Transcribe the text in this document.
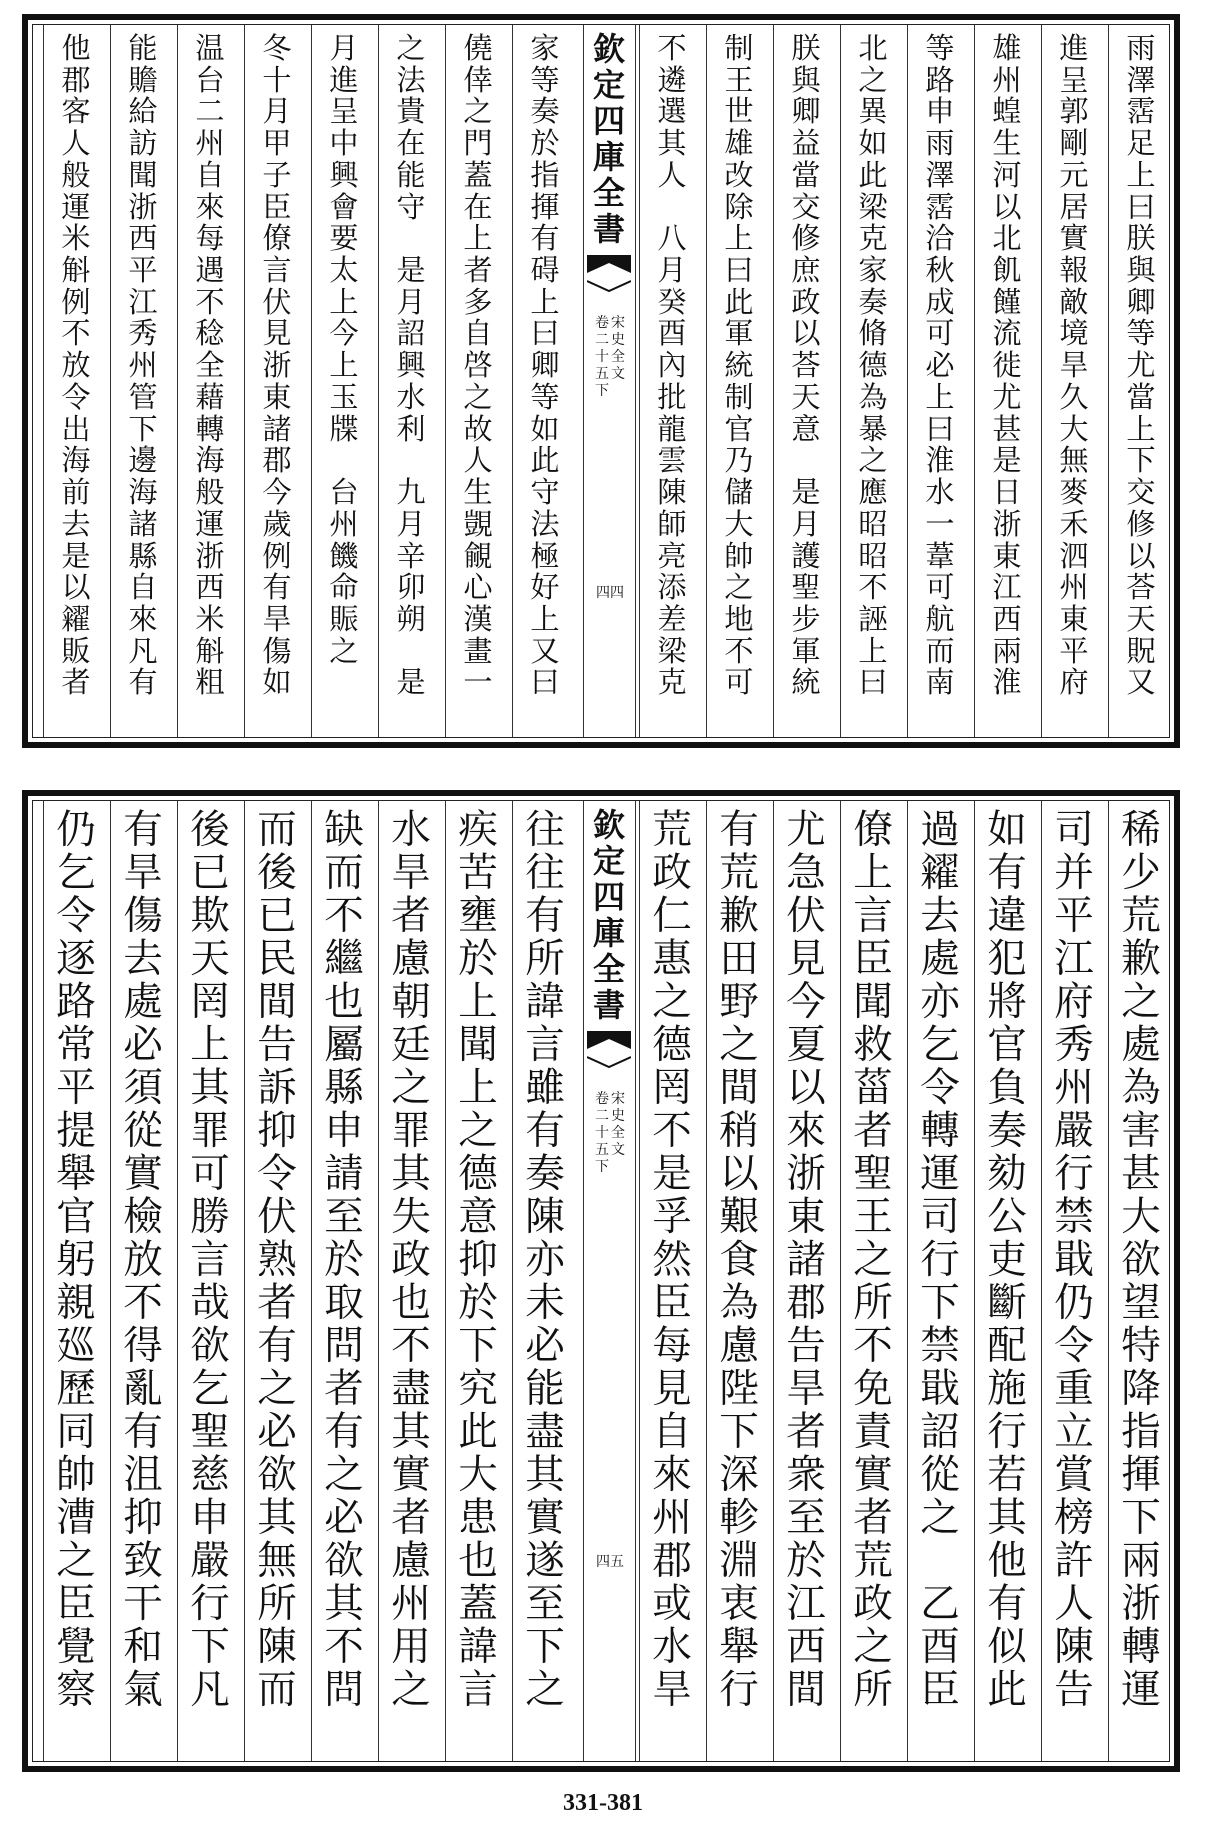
雨
澤
霑
足
上
曰
朕
與
卿
等
尤
當
上
下
交
修
以
荅
天
貺
又
進
呈
郭
剛
元
居
實
報
敵
境
旱
久
大
無
麥
禾
泗
州
東
平
府
雄
州
蝗
生
河
以
北
飢
饉
流
徙
尤
甚
是
日
浙
東
江
西
兩
淮
等
路
申
雨
澤
霑
洽
秋
成
可
必
上
曰
淮
水
一
葦
可
航
而
南
北
之
異
如
此
梁
克
家
奏
脩
德
為
暴
之
應
昭
昭
不
誣
上
曰
朕
與
卿
益
當
交
修
庶
政
以
荅
天
意

是
月
護
聖
步
軍
統
制
王
世
雄
改
除
上
曰
此
軍
統
制
官
乃
儲
大
帥
之
地
不
可
不
遴
選
其
人

八
月
癸
酉
內
批
龍
雲
陳
師
亮
添
差
梁
克
家
等
奏
於
指
揮
有
碍
上
曰
卿
等
如
此
守
法
極
好
上
又
曰
僥
倖
之
門
蓋
在
上
者
多
自
啓
之
故
人
生
覬
覦
心
漢
畫
一
之
法
貴
在
能
守

是
月
詔
興
水
利

九
月
辛
卯
朔

是
月
進
呈
中
興
會
要
太
上
今
上
玉
牒

台
州
饑
命
賑
之
冬
十
月
甲
子
臣
僚
言
伏
見
浙
東
諸
郡
今
歲
例
有
旱
傷
如
温
台
二
州
自
來
每
遇
不
稔
全
藉
轉
海
般
運
浙
西
米
斛
粗
能
贍
給
訪
聞
浙
西
平
江
秀
州
管
下
邊
海
諸
縣
自
來
凡
有
他
郡
客
人
般
運
米
斛
例
不
放
令
出
海
前
去
是
以
糴
販
者
欽
定
四
庫
全
書
宋
史
全
文
卷
二
十
五
下
四四
稀
少
荒
歉
之
處
為
害
甚
大
欲
望
特
降
指
揮
下
兩
浙
轉
運
司
并
平
江
府
秀
州
嚴
行
禁
戢
仍
令
重
立
賞
榜
許
人
陳
告
如
有
違
犯
將
官
負
奏
劾
公
吏
斷
配
施
行
若
其
他
有
似
此
過
糴
去
處
亦
乞
令
轉
運
司
行
下
禁
戢
詔
從
之

乙
酉
臣
僚
上
言
臣
聞
救
菑
者
聖
王
之
所
不
免
責
實
者
荒
政
之
所
尤
急
伏
見
今
夏
以
來
浙
東
諸
郡
告
旱
者
衆
至
於
江
西
間
有
荒
歉
田
野
之
間
稍
以
艱
食
為
慮
陛
下
深
軫
淵
衷
舉
行
荒
政
仁
惠
之
德
罔
不
是
孚
然
臣
每
見
自
來
州
郡
或
水
旱
往
往
有
所
諱
言
雖
有
奏
陳
亦
未
必
能
盡
其
實
遂
至
下
之
疾
苦
壅
於
上
聞
上
之
德
意
抑
於
下
究
此
大
患
也
蓋
諱
言
水
旱
者
慮
朝
廷
之
罪
其
失
政
也
不
盡
其
實
者
慮
州
用
之
缺
而
不
繼
也
屬
縣
申
請
至
於
取
問
者
有
之
必
欲
其
不
問
而
後
已
民
間
告
訴
抑
令
伏
熟
者
有
之
必
欲
其
無
所
陳
而
後
已
欺
天
罔
上
其
罪
可
勝
言
哉
欲
乞
聖
慈
申
嚴
行
下
凡
有
旱
傷
去
處
必
須
從
實
檢
放
不
得
亂
有
沮
抑
致
干
和
氣
仍
乞
令
逐
路
常
平
提
舉
官
躬
親
廵
歷
同
帥
漕
之
臣
覺
察
欽
定
四
庫
全
書
宋
史
全
文
卷
二
十
五
下
四五
331-381
